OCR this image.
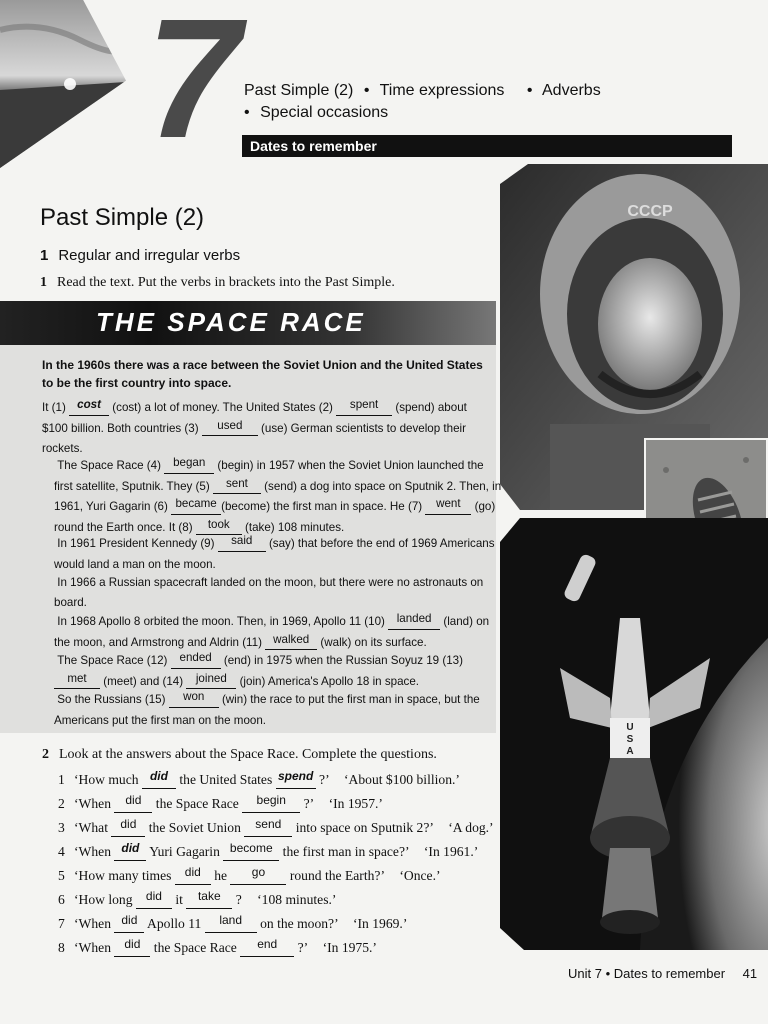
7 Past Simple (2) • Time expressions • Adverbs
• Special occasions
Dates to remember
Past Simple (2)
1 Regular and irregular verbs
1 Read the text. Put the verbs in brackets into the Past Simple.
THE SPACE RACE
In the 1960s there was a race between the Soviet Union and the United States to be the first country into space.
It (1) cost (cost) a lot of money. The United States (2) spent (spend) about $100 billion. Both countries (3) used (use) German scientists to develop their rockets.
The Space Race (4) began (begin) in 1957 when the Soviet Union launched the first satellite, Sputnik. They (5) sent (send) a dog into space on Sputnik 2. Then, in 1961, Yuri Gagarin (6) became (become) the first man in space. He (7) went (go) round the Earth once. It (8) took (take) 108 minutes.
In 1961 President Kennedy (9) said (say) that before the end of 1969 Americans would land a man on the moon.
In 1966 a Russian spacecraft landed on the moon, but there were no astronauts on board.
In 1968 Apollo 8 orbited the moon. Then, in 1969, Apollo 11 (10) landed (land) on the moon, and Armstrong and Aldrin (11) walked (walk) on its surface.
The Space Race (12) ended (end) in 1975 when the Russian Soyuz 19 (13) met (meet) and (14) joined (join) America's Apollo 18 in space.
So the Russians (15) won (win) the race to put the first man in space, but the Americans put the first man on the moon.
2 Look at the answers about the Space Race. Complete the questions.
1 ‘How much did the United States spend ?’ ‘About $100 billion.’
2 ‘When did the Space Race begin ?’ ‘In 1957.’
3 ‘What did the Soviet Union send into space on Sputnik 2?’ ‘A dog.’
4 ‘When did Yuri Gagarin become the first man in space?’ ‘In 1961.’
5 ‘How many times did he go round the Earth?’ ‘Once.’
6 ‘How long did it take ? ‘108 minutes.’
7 ‘When did Apollo 11 land on the moon?’ ‘In 1969.’
8 ‘When did the Space Race end ?’ ‘In 1975.’
СССР
U
S
A
Unit 7 • Dates to remember 41
